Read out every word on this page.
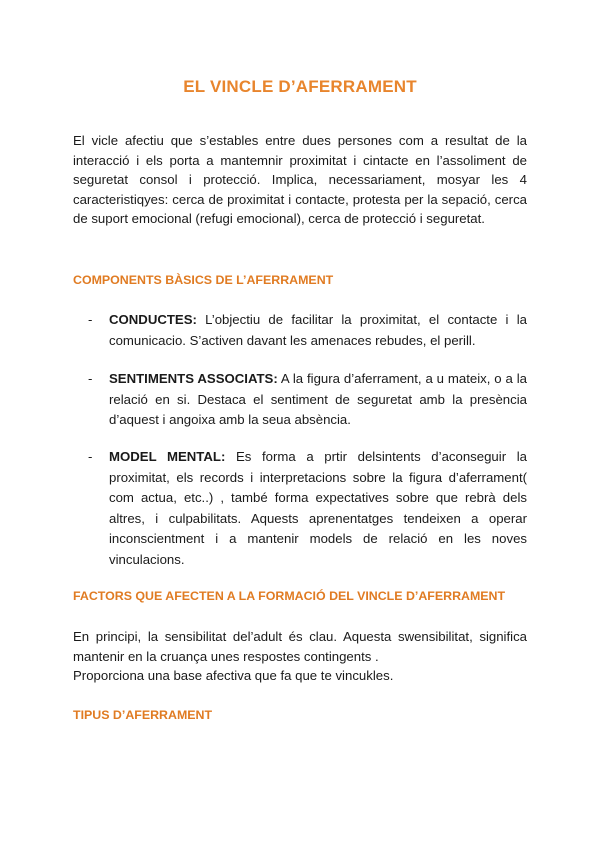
EL VINCLE D’AFERRAMENT

El vicle afectiu que s’estables entre dues persones com a resultat de la interacció i els porta a mantemnir proximitat i cintacte en l’assoliment de seguretat consol i protecció. Implica, necessariament, mosyar les 4 caracteristiqyes: cerca de proximitat i contacte, protesta per la sepació, cerca de suport emocional (refugi emocional), cerca de protecció i seguretat.

COMPONENTS BÀSICS DE L’AFERRAMENT

- CONDUCTES: L’objectiu de facilitar la proximitat, el contacte i la comunicacio. S’activen davant les amenaces rebudes, el perill.
- SENTIMENTS ASSOCIATS: A la figura d’aferrament, a u mateix, o a la relació en si. Destaca el sentiment de seguretat amb la presència d’aquest i angoixa amb la seua absència.
- MODEL MENTAL: Es forma a prtir delsintents d’aconseguir la proximitat, els records i interpretacions sobre la figura d’aferrament( com actua, etc..) , també forma expectatives sobre que rebrà dels altres, i culpabilitats. Aquests aprenentatges tendeixen a operar inconscientment i a mantenir models de relació en les noves vinculacions.

FACTORS QUE AFECTEN A LA FORMACIÓ DEL VINCLE D’AFERRAMENT

En principi, la sensibilitat del’adult és clau. Aquesta swensibilitat, significa mantenir en la cruança unes respostes contingents .

Proporciona una base afectiva que fa que te vincukles.

TIPUS D’AFERRAMENT
